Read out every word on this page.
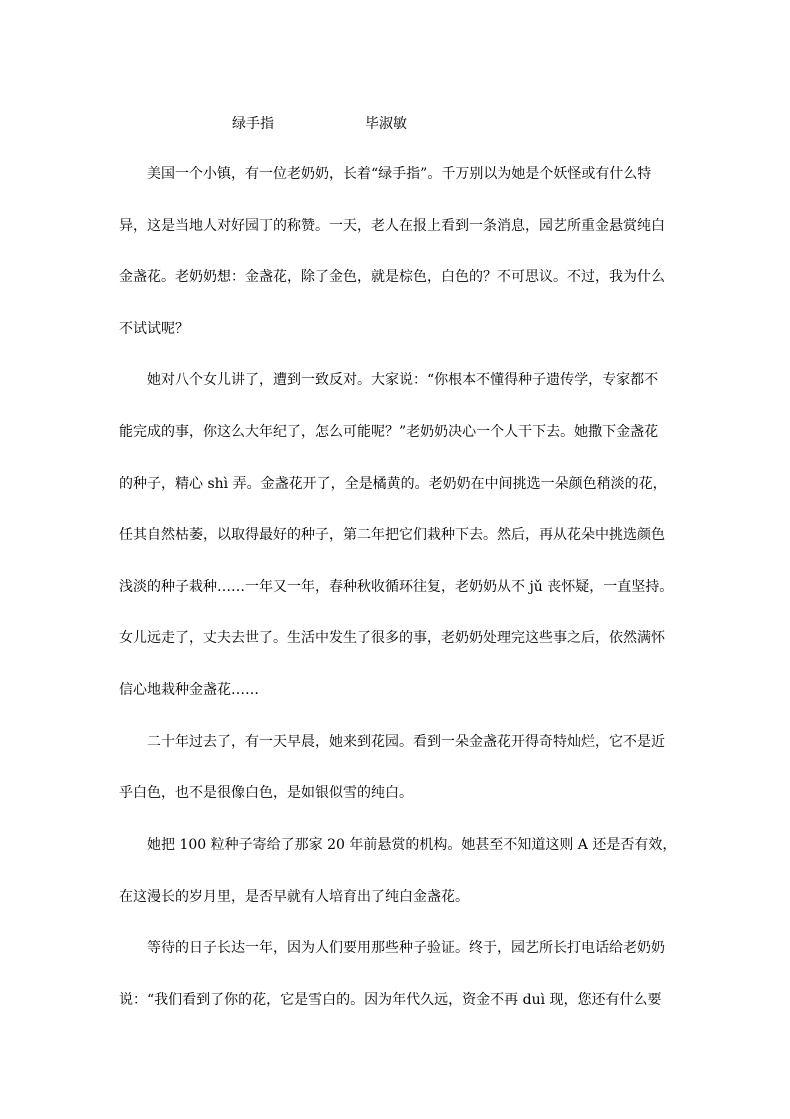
绿手指	毕淑敏
美国一个小镇，有一位老奶奶，长着“绿手指”。千万别以为她是个妖怪或有什么特
异，这是当地人对好园丁的称赞。一天，老人在报上看到一条消息，园艺所重金悬赏纯白
金盏花。老奶奶想：金盏花，除了金色，就是棕色，白色的？不可思议。不过，我为什么
不试试呢？
她对八个女儿讲了，遭到一致反对。大家说：“你根本不懂得种子遗传学，专家都不
能完成的事，你这么大年纪了，怎么可能呢？”老奶奶决心一个人干下去。她撒下金盏花
的种子，精心 shì 弄。金盏花开了，全是橘黄的。老奶奶在中间挑选一朵颜色稍淡的花，
任其自然枯萎，以取得最好的种子，第二年把它们栽种下去。然后，再从花朵中挑选颜色
浅淡的种子栽种……一年又一年，春种秋收循环往复，老奶奶从不 jǔ 丧怀疑，一直坚持。
女儿远走了，丈夫去世了。生活中发生了很多的事，老奶奶处理完这些事之后，依然满怀
信心地栽种金盏花……
二十年过去了，有一天早晨，她来到花园。看到一朵金盏花开得奇特灿烂，它不是近
乎白色，也不是很像白色，是如银似雪的纯白。
她把 100 粒种子寄给了那家 20 年前悬赏的机构。她甚至不知道这则 A 还是否有效，
在这漫长的岁月里，是否早就有人培育出了纯白金盏花。
等待的日子长达一年，因为人们要用那些种子验证。终于，园艺所长打电话给老奶奶
说：“我们看到了你的花，它是雪白的。因为年代久远，资金不再 duì 现，您还有什么要
